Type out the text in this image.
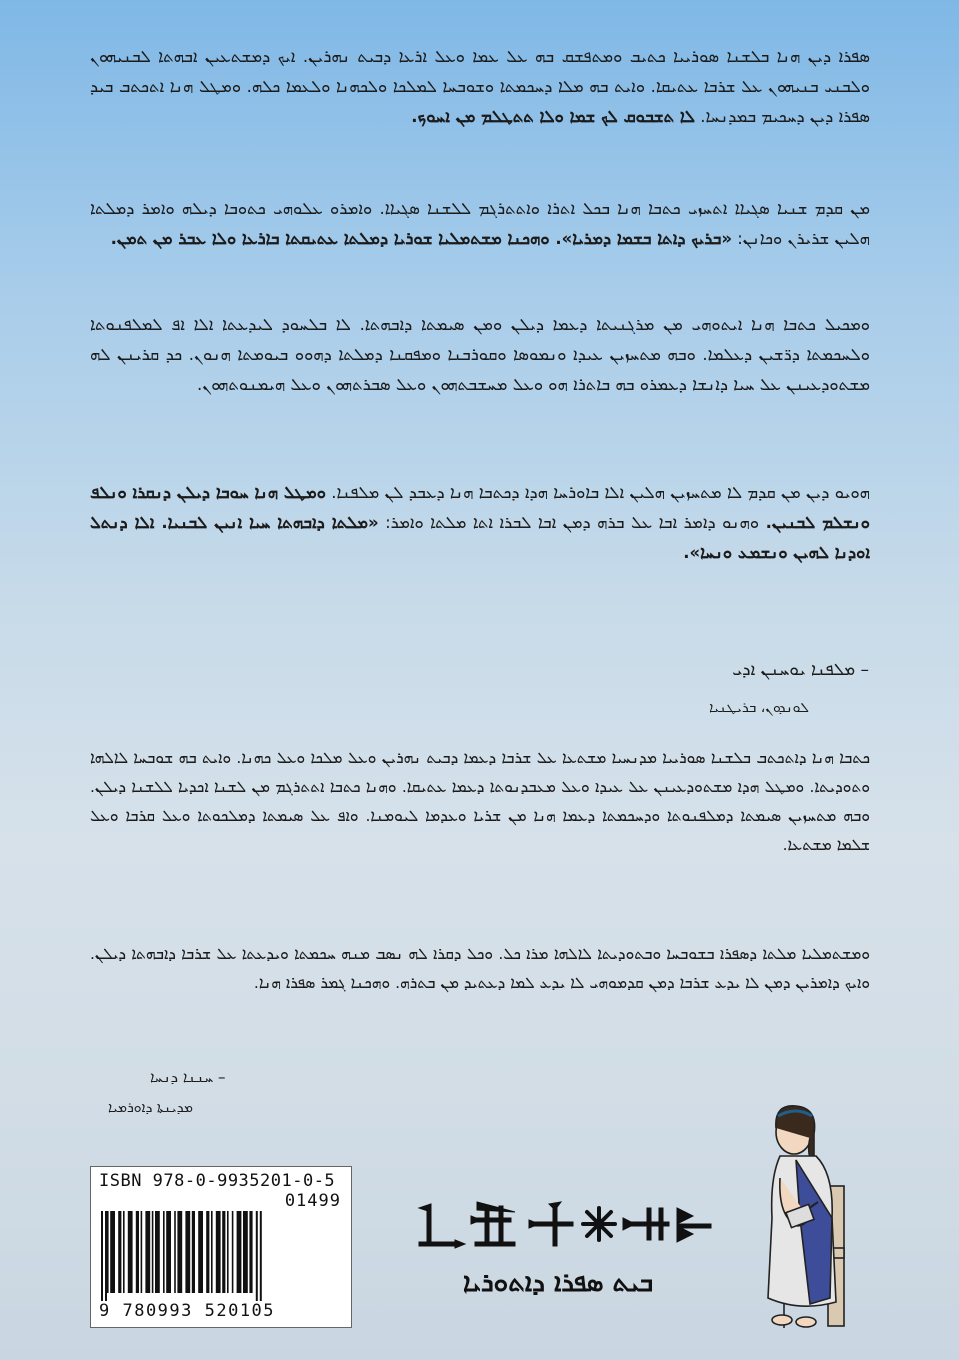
ܣܦܪܐ ܕܝܢ ܗܢܐ ܒܠܫܢܐ ܣܘܪܝܝܐ ܟܬܝܒ ܘܡܬܦܫܩ ܒܗ ܥܠ ܥܡܐ ܘܥܠ ܐܪܥܐ ܕܒܝܬ ܢܗܪܝܢ. ܐܝܟ ܕܡܫܬܥܝܢ ܐܒܗܬܐ ܠܒܢܝܗܘܢ ܘܠܒܢܝ ܒܢܝܗܘܢ ܥܠ ܫܪܒܐ ܥܬܝܩܐ. ܘܐܝܬ ܒܗ ܡܠܐ ܕܚܟܡܬܐ ܘܫܘܒܚܐ ܠܡܠܟܐ ܘܠܟܗܢܐ ܘܠܥܡܐ ܟܠܗ. ܘܡܛܠ ܗܢܐ ܐܬܟܬܒ ܒܝܕ ܣܦܪܐ ܕܝܢ ܕܚܟܝܡ ܒܡܕܢܚܐ. ܠܐ ܬܫܒܘܩ ܠܟ ܫܡܐ ܘܠܐ ܬܬܛܠܡ ܡܢ ܐܚܘܟ.
ܡܢ ܩܕܡ ܫܢܝܐ ܣܓܝܐܐ ܐܬܚܙܝ ܟܬܒܐ ܗܢܐ ܒܟܠ ܐܬܪܐ ܘܐܬܬܪܓܡ ܠܠܫܢܐ ܣܓܝܐܐ. ܘܐܡܪܘ ܥܠܘܗܝ ܟܬܘܒܐ ܕܝܠܗ ܘܐܡܪ ܕܡܠܬܐ ܗܠܝܢ ܫܪܝܪܢ ܘܟܐܢܢ: «ܒܪܝܟ ܕܐܬܐ ܒܫܡܐ ܕܡܪܝܐ». ܘܗܟܢܐ ܡܫܬܡܠܝܐ ܫܘܪܝܐ ܕܡܠܬܐ ܥܬܝܩܬܐ ܒܐܪܥܐ ܘܠܐ ܥܒܪ ܡܢ ܬܡܢ.
ܘܡܟܝܠ ܟܬܒܐ ܗܢܐ ܐܝܬܘܗܝ ܡܢ ܡܪܓܢܝܬܐ ܕܥܡܐ ܕܝܠܢ ܘܡܢ ܣܝܡܬܐ ܕܐܒܗܬܐ. ܠܐ ܒܠܚܘܕ ܠܝܕܥܬܐ ܐܠܐ ܐܦ ܠܡܠܦܢܘܬܐ ܘܠܚܟܡܬܐ ܕܪ̈ܫܝܢ ܕܥܠܡܐ. ܘܒܗ ܡܬܚܙܝܢ ܥܝܕܐ ܘܢܡܘܣܐ ܘܩܘܪܒܢܐ ܘܡܦܩܢܐ ܕܡܠܬܐ ܕܗܘܘ ܒܝܘܡܬܐ ܗܢܘܢ. ܟܕ ܩܪܝܢܢ ܠܗ ܡܫܬܘܕܥܝܢܢ ܥܠ ܚܝܐ ܕܐܢܫܐ ܕܥܡܪܘ ܒܗ ܒܐܬܪܐ ܗܘ ܘܥܠ ܡܚܫܒܬܗܘܢ ܘܥܠ ܣܒܪܬܗܘܢ ܘܥܠ ܗܝܡܢܘܬܗܘܢ.
ܗܘܝܘ ܕܝܢ ܡܢ ܩܕܡ ܠܐ ܡܬܚܙܝܢ ܗܠܝܢ ܐܠܐ ܒܐܘܪܚܐ ܗܕܐ ܕܟܬܒܐ ܗܢܐ ܕܥܒܕ ܠܢ ܡܠܦܢܐ. ܘܡܛܠ ܗܢܐ ܚܘܒܐ ܕܝܠܢ ܕܢܩܪܐ ܘܢܠܦ ܘܢܫܠܡ ܠܒܢܝܢ. ܘܗܢܘ ܕܐܡܪ ܐܒܐ ܥܠ ܒܪܗ ܕܡܢ ܐܒܐ ܠܒܪܐ ܐܬܐ ܡܠܬܐ ܘܐܡܪ: «ܡܠܬܐ ܕܐܒܗܬܐ ܚܝܐ ܐܢܝܢ ܠܒܢܝܐ. ܐܠܐ ܕܢܬܠ ܐܘܕܢܐ ܠܗܝܢ ܘܢܫܡܥ ܘܢܚܐ».
– ܡܠܦܢܐ ܝܘܚܢܢ ܐܕܝ
ܠܘܢܕܘܢ، ܒܪܝܛܢܝܐ
ܟܬܒܐ ܗܢܐ ܕܐܬܟܬܒ ܒܠܫܢܐ ܣܘܪܝܝܐ ܡܕܢܚܝܐ ܡܫܬܥܐ ܥܠ ܫܪܒܐ ܕܥܡܐ ܕܒܝܬ ܢܗܪܝܢ ܘܥܠ ܡܠܟܐ ܘܥܠ ܟܗܢܐ. ܘܐܝܬ ܒܗ ܫܘܒܚܐ ܠܐܠܗܐ ܘܬܘܕܝܬܐ. ܘܡܛܠ ܗܕܐ ܡܫܬܘܕܥܝܢܢ ܥܠ ܥܝܕܐ ܘܥܠ ܡܥܒܕܢܘܬܐ ܕܥܡܐ ܥܬܝܩܐ. ܘܗܢܐ ܟܬܒܐ ܐܬܬܪܓܡ ܡܢ ܠܫܢܐ ܐܟܕܝܐ ܠܠܫܢܐ ܕܝܠܢ. ܘܒܗ ܡܬܚܙܝܢ ܣܝܡܬܐ ܕܡܠܦܢܘܬܐ ܘܕܚܟܡܬܐ ܕܥܡܐ ܗܢܐ ܡܢ ܫܪܝܐ ܘܥܕܡܐ ܠܝܘܡܢܐ. ܘܐܦ ܥܠ ܣܝܡܬܐ ܕܡܠܟܘܬܐ ܘܥܠ ܩܪܒܐ ܘܥܠ ܫܠܡܐ ܡܫܬܥܐ.
ܘܡܫܬܡܠܝܐ ܡܠܬܐ ܕܣܦܪܐ ܒܫܘܒܚܐ ܘܒܬܘܕܝܬܐ ܠܐܠܗܐ ܡܪܐ ܟܠ. ܘܟܠ ܕܩܪܐ ܠܗ ܢܣܒ ܡܢܗ ܚܟܡܬܐ ܘܝܕܥܬܐ ܥܠ ܫܪܒܐ ܕܐܒܗܬܐ ܕܝܠܢ. ܘܐܝܟ ܕܐܡܪܝܢ ܕܡܢ ܠܐ ܝܕܥ ܫܪܒܐ ܕܡܢ ܩܕܡܘܗܝ ܠܐ ܝܕܥ ܠܡܐ ܕܥܬܝܕ ܡܢ ܒܬܪܗ. ܘܗܟܢܐ ܓܡܪ ܣܦܪܐ ܗܢܐ.
– ܚܢܢܐ ܕܢܚܐ
ܡܕܝܢܬܐ ܕܐܘܪܡܝܐ
ISBN 978-0-9935201-0-5
01499
9 780993 520105
ܒܝܬ ܣܦܪܐ ܕܐܬܘܪܝܐ
